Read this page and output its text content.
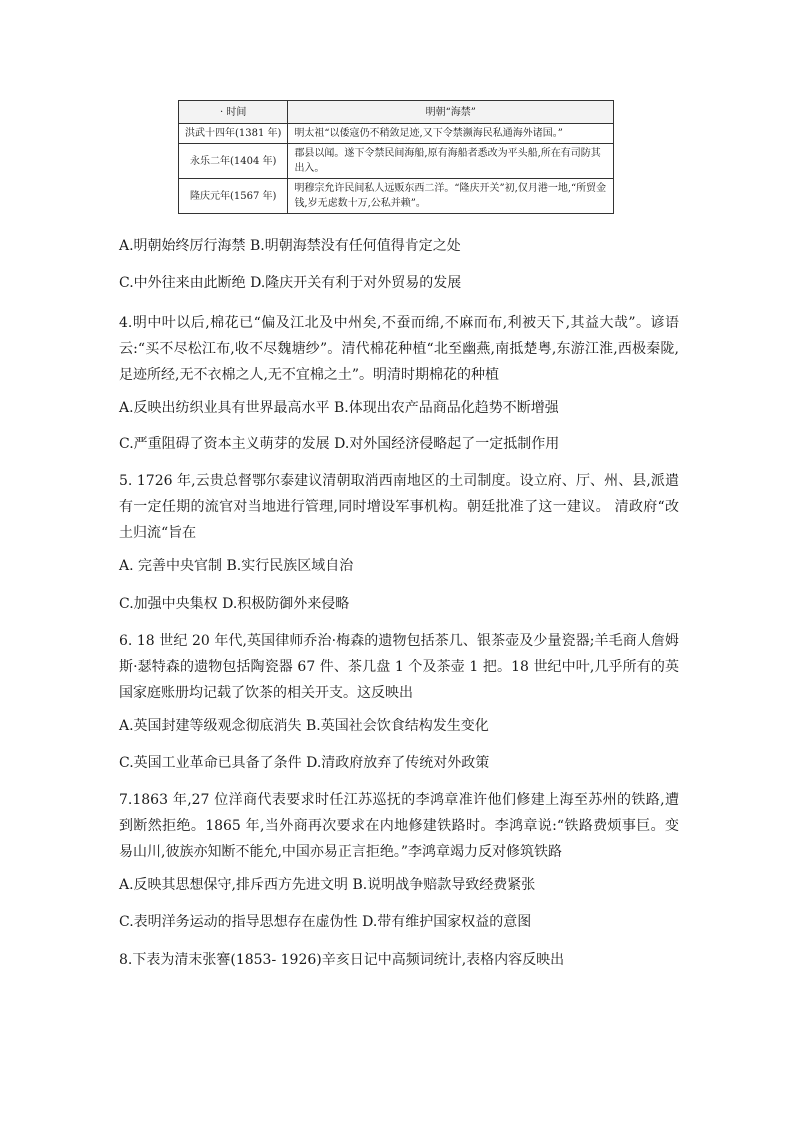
· 时间	明朝“海禁”
洪武十四年(1381 年)	明太祖“以倭寇仍不稍敛足迹,又下令禁濒海民私通海外诸国。”
永乐二年(1404 年)	郡县以闻。遂下令禁民间海船,原有海船者悉改为平头船,所在有司防其出入。
隆庆元年(1567 年)	明穆宗允许民间私人远贩东西二洋。“隆庆开关”初,仅月港一地,“所贸金钱,岁无虑数十万,公私并赖”。
A.明朝始终厉行海禁 B.明朝海禁没有任何值得肯定之处
C.中外往来由此断绝 D.隆庆开关有利于对外贸易的发展
4.明中叶以后,棉花已“偏及江北及中州矣,不蚕而绵,不麻而布,利被天下,其益大哉”。谚语云:“买不尽松江布,收不尽魏塘纱”。清代棉花种植“北至幽燕,南抵楚粤,东游江淮,西极秦陇,足迹所经,无不衣棉之人,无不宜棉之土”。明清时期棉花的种植
A.反映出纺织业具有世界最高水平 B.体现出农产品商品化趋势不断增强
C.严重阻碍了资本主义萌芽的发展 D.对外国经济侵略起了一定抵制作用
5. 1726 年,云贵总督鄂尔泰建议清朝取消西南地区的土司制度。设立府、厅、州、县,派遣有一定任期的流官对当地进行管理,同时增设军事机构。朝廷批准了这一建议。 清政府“改土归流“旨在
A. 完善中央官制 B.实行民族区域自治
C.加强中央集权 D.积极防御外来侵略
6. 18 世纪 20 年代,英国律师乔治·梅森的遗物包括茶几、银茶壶及少量瓷器;羊毛商人詹姆斯·瑟特森的遗物包括陶瓷器 67 件、茶几盘 1 个及茶壶 1 把。18 世纪中叶,几乎所有的英国家庭账册均记载了饮茶的相关开支。这反映出
A.英国封建等级观念彻底消失 B.英国社会饮食结构发生变化
C.英国工业革命已具备了条件 D.清政府放弃了传统对外政策
7.1863 年,27 位洋商代表要求时任江苏巡抚的李鸿章准许他们修建上海至苏州的铁路,遭到断然拒绝。1865 年,当外商再次要求在内地修建铁路时。李鸿章说:“铁路费烦事巨。变易山川,彼族亦知断不能允,中国亦易正言拒绝。”李鸿章竭力反对修筑铁路
A.反映其思想保守,排斥西方先进文明 B.说明战争赔款导致经费紧张
C.表明洋务运动的指导思想存在虚伪性 D.带有维护国家权益的意图
8.下表为清末张謇(1853- 1926)辛亥日记中高频词统计,表格内容反映出
